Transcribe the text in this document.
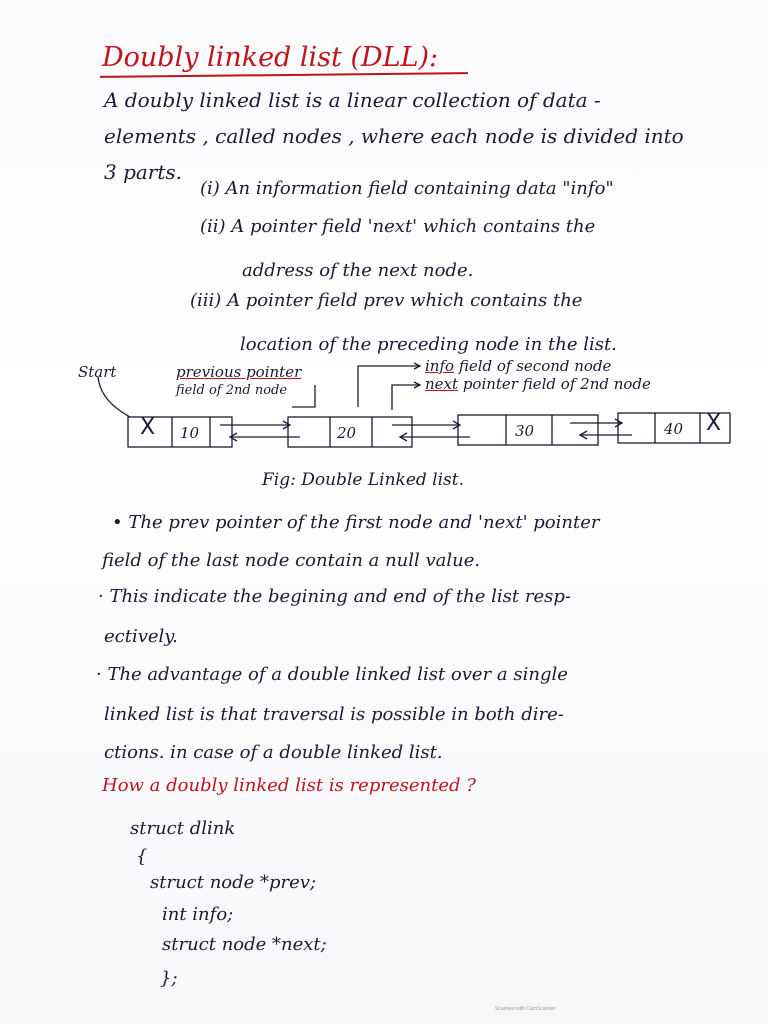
Doubly linked list (DLL):
A doubly linked list is a linear collection of data -
elements , called nodes , where each node is divided into
3 parts.
(i) An information field containing data "info"
(ii) A pointer field 'next' which contains the
address of the next node.
(iii) A pointer field prev which contains the
location of the preceding node in the list.
Start	previous pointer
field of 2nd node
info field of second node
next pointer field of 2nd node
X 10	20	30	40 X
Fig: Double Linked list.
• The prev pointer of the first node and 'next' pointer
field of the last node contain a null value.
· This indicate the begining and end of the list resp-
ectively.
· The advantage of a double linked list over a single
linked list is that traversal is possible in both dire-
ctions. in case of a double linked list.
How a doubly linked list is represented ?
struct dlink
{
struct node *prev;
int info;
struct node *next;
};
Scanned with CamScanner
